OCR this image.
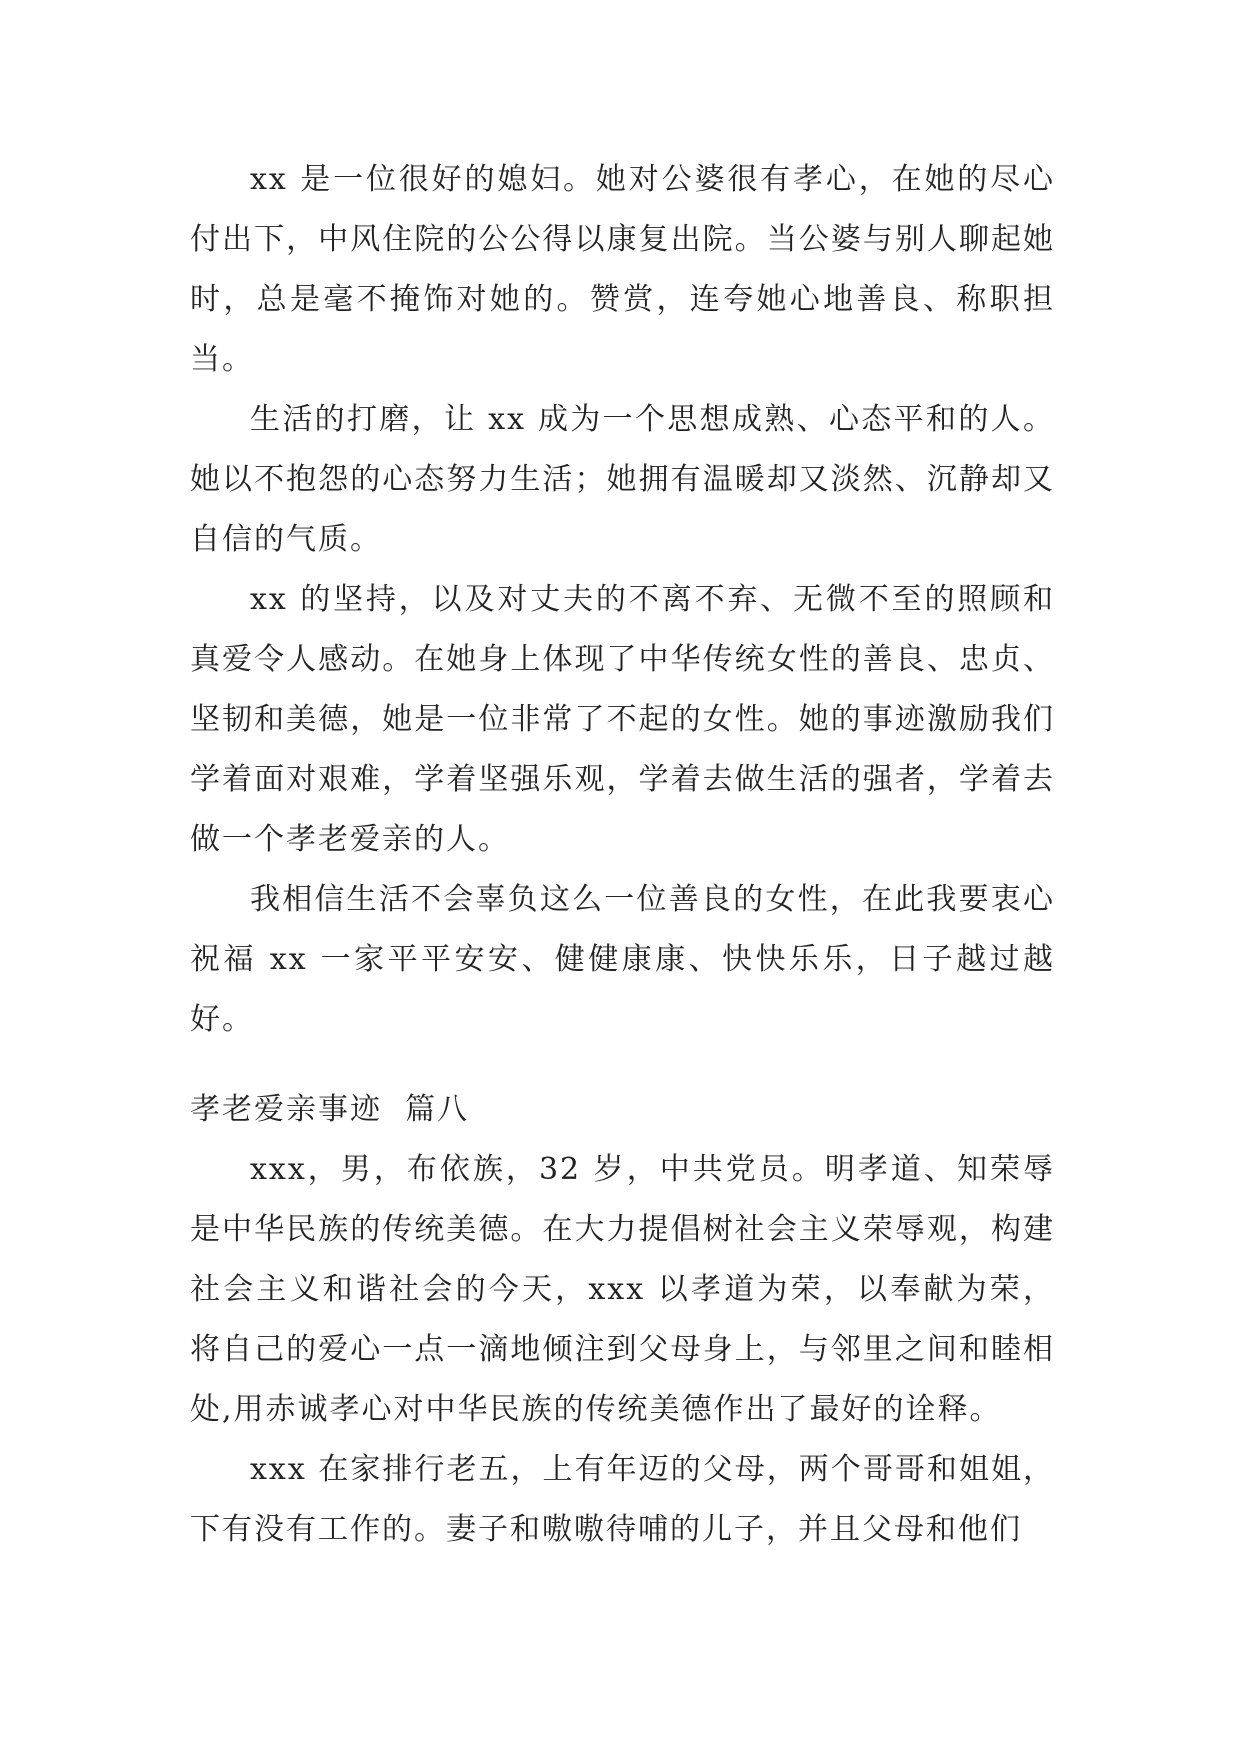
xx 是一位很好的媳妇。她对公婆很有孝心，在她的尽心付出下，中风住院的公公得以康复出院。当公婆与别人聊起她时，总是毫不掩饰对她的。赞赏，连夸她心地善良、称职担当。

生活的打磨，让 xx 成为一个思想成熟、心态平和的人。她以不抱怨的心态努力生活；她拥有温暖却又淡然、沉静却又自信的气质。

xx 的坚持，以及对丈夫的不离不弃、无微不至的照顾和真爱令人感动。在她身上体现了中华传统女性的善良、忠贞、坚韧和美德，她是一位非常了不起的女性。她的事迹激励我们学着面对艰难，学着坚强乐观，学着去做生活的强者，学着去做一个孝老爱亲的人。

我相信生活不会辜负这么一位善良的女性，在此我要衷心祝福 xx 一家平平安安、健健康康、快快乐乐，日子越过越好。

孝老爱亲事迹  篇八

xxx，男，布依族，32 岁，中共党员。明孝道、知荣辱是中华民族的传统美德。在大力提倡树社会主义荣辱观，构建社会主义和谐社会的今天，xxx 以孝道为荣，以奉献为荣，将自己的爱心一点一滴地倾注到父母身上，与邻里之间和睦相处,用赤诚孝心对中华民族的传统美德作出了最好的诠释。

xxx 在家排行老五，上有年迈的父母，两个哥哥和姐姐，下有没有工作的。妻子和嗷嗷待哺的儿子，并且父母和他们
